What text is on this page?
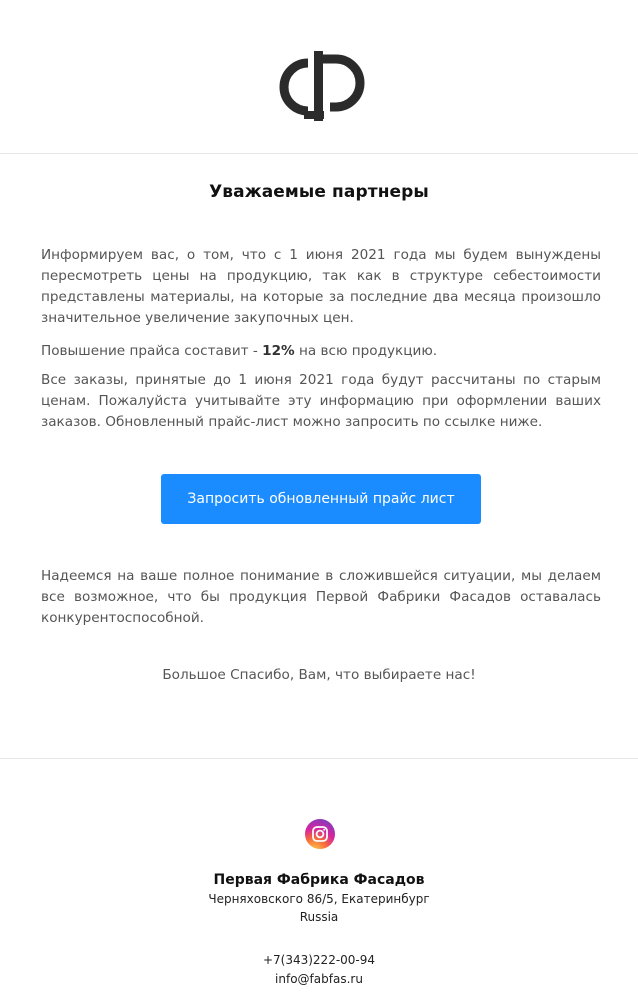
Уважаемые партнеры
Информируем вас, о том, что с 1 июня 2021 года мы будем вынуждены пересмотреть цены на продукцию, так как в структуре себестоимости представлены материалы, на которые за последние два месяца произошло значительное увеличение закупочных цен.
Повышение прайса составит - 12% на всю продукцию.
Все заказы, принятые до 1 июня 2021 года будут рассчитаны по старым ценам. Пожалуйста учитывайте эту информацию при оформлении ваших заказов. Обновленный прайс-лист можно запросить по ссылке ниже.
Запросить обновленный прайс лист
Надеемся на ваше полное понимание в сложившейся ситуации, мы делаем все возможное, что бы продукция Первой Фабрики Фасадов оставалась конкурентоспособной.
Большое Спасибо, Вам, что выбираете нас!
Первая Фабрика Фасадов
Черняховского 86/5, Екатеринбург
Russia
+7(343)222-00-94
info@fabfas.ru
